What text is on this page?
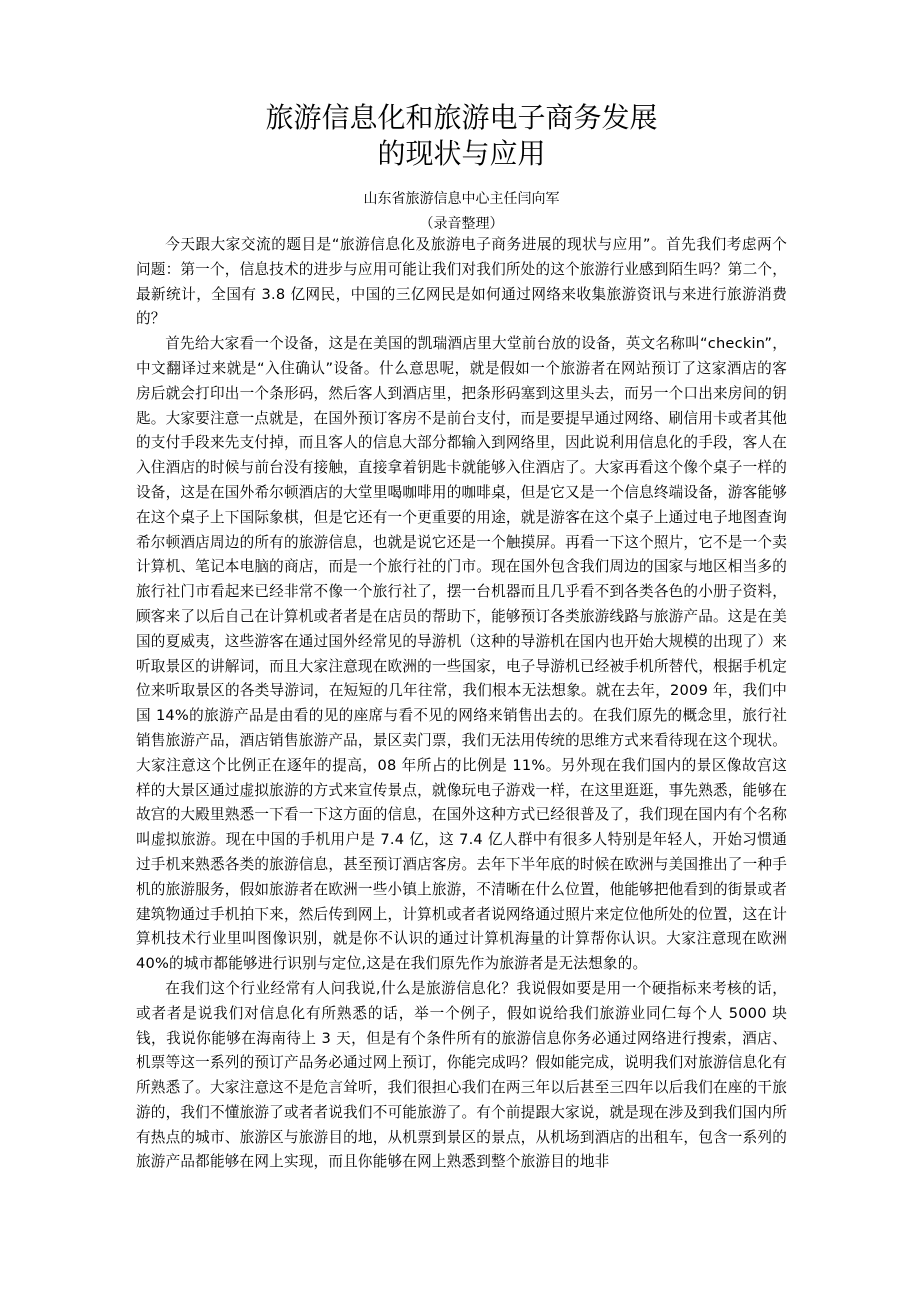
旅游信息化和旅游电子商务发展
的现状与应用
山东省旅游信息中心主任闫向军
（录音整理）

今天跟大家交流的题目是“旅游信息化及旅游电子商务进展的现状与应用”。首先我们考虑两个问题：第一个，信息技术的进步与应用可能让我们对我们所处的这个旅游行业感到陌生吗？第二个，最新统计，全国有 3.8 亿网民，中国的三亿网民是如何通过网络来收集旅游资讯与来进行旅游消费的？

首先给大家看一个设备，这是在美国的凯瑞酒店里大堂前台放的设备，英文名称叫“checkin”，中文翻译过来就是“入住确认”设备。什么意思呢，就是假如一个旅游者在网站预订了这家酒店的客房后就会打印出一个条形码，然后客人到酒店里，把条形码塞到这里头去，而另一个口出来房间的钥匙。大家要注意一点就是，在国外预订客房不是前台支付，而是要提早通过网络、刷信用卡或者其他的支付手段来先支付掉，而且客人的信息大部分都输入到网络里，因此说利用信息化的手段，客人在入住酒店的时候与前台没有接触，直接拿着钥匙卡就能够入住酒店了。大家再看这个像个桌子一样的设备，这是在国外希尔顿酒店的大堂里喝咖啡用的咖啡桌，但是它又是一个信息终端设备，游客能够在这个桌子上下国际象棋，但是它还有一个更重要的用途，就是游客在这个桌子上通过电子地图查询希尔顿酒店周边的所有的旅游信息，也就是说它还是一个触摸屏。再看一下这个照片，它不是一个卖计算机、笔记本电脑的商店，而是一个旅行社的门市。现在国外包含我们周边的国家与地区相当多的旅行社门市看起来已经非常不像一个旅行社了，摆一台机器而且几乎看不到各类各色的小册子资料，顾客来了以后自己在计算机或者者是在店员的帮助下，能够预订各类旅游线路与旅游产品。这是在美国的夏威夷，这些游客在通过国外经常见的导游机（这种的导游机在国内也开始大规模的出现了）来听取景区的讲解词，而且大家注意现在欧洲的一些国家，电子导游机已经被手机所替代，根据手机定位来听取景区的各类导游词，在短短的几年往常，我们根本无法想象。就在去年，2009 年，我们中国 14%的旅游产品是由看的见的座席与看不见的网络来销售出去的。在我们原先的概念里，旅行社销售旅游产品，酒店销售旅游产品，景区卖门票，我们无法用传统的思维方式来看待现在这个现状。大家注意这个比例正在逐年的提高，08 年所占的比例是 11%。另外现在我们国内的景区像故宫这样的大景区通过虚拟旅游的方式来宣传景点，就像玩电子游戏一样，在这里逛逛，事先熟悉，能够在故宫的大殿里熟悉一下看一下这方面的信息，在国外这种方式已经很普及了，我们现在国内有个名称叫虚拟旅游。现在中国的手机用户是 7.4 亿，这 7.4 亿人群中有很多人特别是年轻人，开始习惯通过手机来熟悉各类的旅游信息，甚至预订酒店客房。去年下半年底的时候在欧洲与美国推出了一种手机的旅游服务，假如旅游者在欧洲一些小镇上旅游，不清晰在什么位置，他能够把他看到的街景或者建筑物通过手机拍下来，然后传到网上，计算机或者者说网络通过照片来定位他所处的位置，这在计算机技术行业里叫图像识别，就是你不认识的通过计算机海量的计算帮你认识。大家注意现在欧洲40%的城市都能够进行识别与定位,这是在我们原先作为旅游者是无法想象的。

在我们这个行业经常有人问我说,什么是旅游信息化？我说假如要是用一个硬指标来考核的话，或者者是说我们对信息化有所熟悉的话，举一个例子，假如说给我们旅游业同仁每个人 5000 块钱，我说你能够在海南待上 3 天，但是有个条件所有的旅游信息你务必通过网络进行搜索，酒店、机票等这一系列的预订产品务必通过网上预订，你能完成吗？假如能完成，说明我们对旅游信息化有所熟悉了。大家注意这不是危言耸听，我们很担心我们在两三年以后甚至三四年以后我们在座的干旅游的，我们不懂旅游了或者者说我们不可能旅游了。有个前提跟大家说，就是现在涉及到我们国内所有热点的城市、旅游区与旅游目的地，从机票到景区的景点，从机场到酒店的出租车，包含一系列的旅游产品都能够在网上实现，而且你能够在网上熟悉到整个旅游目的地非
